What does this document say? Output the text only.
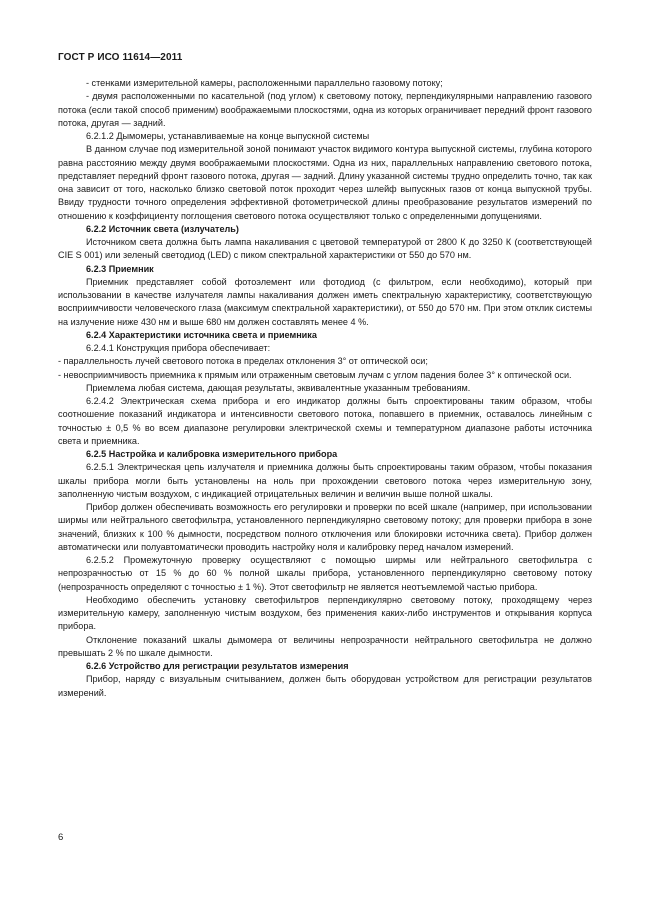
ГОСТ Р ИСО 11614—2011

- стенками измерительной камеры, расположенными параллельно газовому потоку;

- двумя расположенными по касательной (под углом) к световому потоку, перпендикулярными направлению газового потока (если такой способ применим) воображаемыми плоскостями, одна из которых ограничивает передний фронт газового потока, другая — задний.

6.2.1.2 Дымомеры, устанавливаемые на конце выпускной системы

В данном случае под измерительной зоной понимают участок видимого контура выпускной системы, глубина которого равна расстоянию между двумя воображаемыми плоскостями. Одна из них, параллельных направлению светового потока, представляет передний фронт газового потока, другая — задний. Длину указанной системы трудно определить точно, так как она зависит от того, насколько близко световой поток проходит через шлейф выпускных газов от конца выпускной трубы. Ввиду трудности точного определения эффективной фотометрической длины преобразование результатов измерений по отношению к коэффициенту поглощения светового потока осуществляют только с определенными допущениями.

6.2.2 Источник света (излучатель)

Источником света должна быть лампа накаливания с цветовой температурой от 2800 К до 3250 К (соответствующей CIE S 001) или зеленый светодиод (LED) с пиком спектральной характеристики от 550 до 570 нм.

6.2.3 Приемник

Приемник представляет собой фотоэлемент или фотодиод (с фильтром, если необходимо), который при использовании в качестве излучателя лампы накаливания должен иметь спектральную характеристику, соответствующую восприимчивости человеческого глаза (максимум спектральной характеристики), от 550 до 570 нм. При этом отклик системы на излучение ниже 430 нм и выше 680 нм должен составлять менее 4 %.

6.2.4 Характеристики источника света и приемника

6.2.4.1 Конструкция прибора обеспечивает:

- параллельность лучей светового потока в пределах отклонения 3° от оптической оси;

- невосприимчивость приемника к прямым или отраженным световым лучам с углом падения более 3° к оптической оси.

Приемлема любая система, дающая результаты, эквивалентные указанным требованиям.

6.2.4.2 Электрическая схема прибора и его индикатор должны быть спроектированы таким образом, чтобы соотношение показаний индикатора и интенсивности светового потока, попавшего в приемник, оставалось линейным с точностью ± 0,5 % во всем диапазоне регулировки электрической схемы и температурном диапазоне работы источника света и приемника.

6.2.5 Настройка и калибровка измерительного прибора

6.2.5.1 Электрическая цепь излучателя и приемника должны быть спроектированы таким образом, чтобы показания шкалы прибора могли быть установлены на ноль при прохождении светового потока через измерительную зону, заполненную чистым воздухом, с индикацией отрицательных величин и величин выше полной шкалы.

Прибор должен обеспечивать возможность его регулировки и проверки по всей шкале (например, при использовании ширмы или нейтрального светофильтра, установленного перпендикулярно световому потоку; для проверки прибора в зоне значений, близких к 100 % дымности, посредством полного отключения или блокировки источника света). Прибор должен автоматически или полуавтоматически проводить настройку ноля и калибровку перед началом измерений.

6.2.5.2 Промежуточную проверку осуществляют с помощью ширмы или нейтрального светофильтра с непрозрачностью от 15 % до 60 % полной шкалы прибора, установленного перпендикулярно световому потоку (непрозрачность определяют с точностью ± 1 %). Этот светофильтр не является неотъемлемой частью прибора.

Необходимо обеспечить установку светофильтров перпендикулярно световому потоку, проходящему через измерительную камеру, заполненную чистым воздухом, без применения каких-либо инструментов и открывания корпуса прибора.

Отклонение показаний шкалы дымомера от величины непрозрачности нейтрального светофильтра не должно превышать 2 % по шкале дымности.

6.2.6 Устройство для регистрации результатов измерения

Прибор, наряду с визуальным считыванием, должен быть оборудован устройством для регистрации результатов измерений.

6
